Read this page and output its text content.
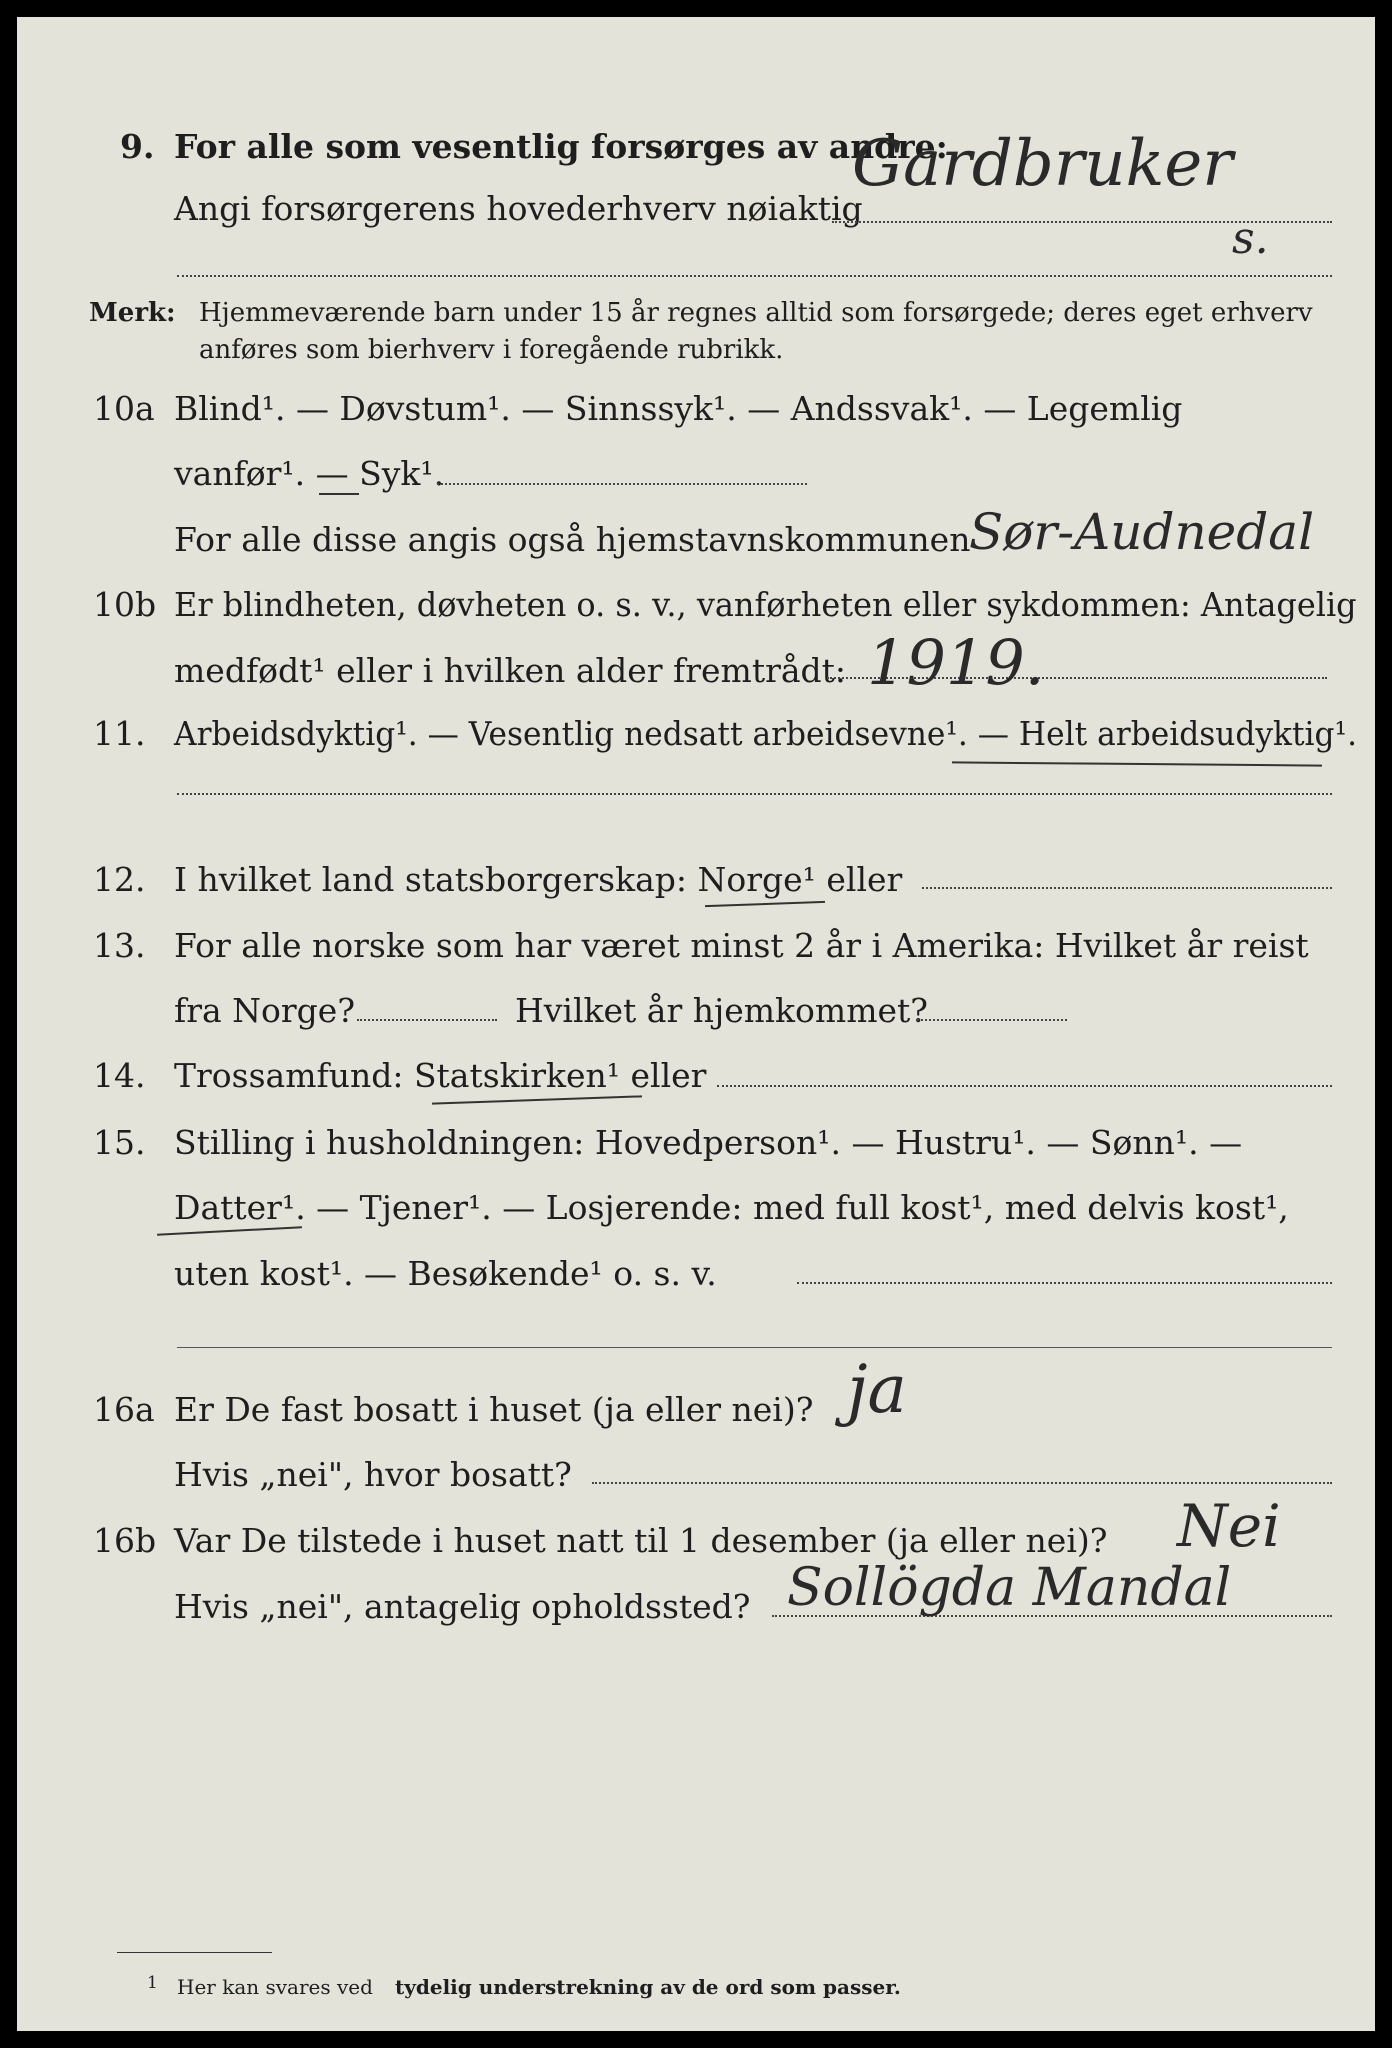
9. For alle som vesentlig forsørges av andre:
Angi forsørgerens hovederhverv nøiaktig
Gardbruker
s.
Merk: Hjemmeværende barn under 15 år regnes alltid som forsørgede; deres eget erhverv
anføres som bierhverv i foregående rubrikk.
10a Blind¹. — Døvstum¹. — Sinnssyk¹. — Andssvak¹. — Legemlig
vanfør¹. — Syk¹.
For alle disse angis også hjemstavnskommunen
Sør-Audnedal
10b Er blindheten, døvheten o. s. v., vanførheten eller sykdommen: Antagelig
medfødt¹ eller i hvilken alder fremtrådt: 1919.
11. Arbeidsdyktig¹. — Vesentlig nedsatt arbeidsevne¹. — Helt arbeidsudyktig¹.
12. I hvilket land statsborgerskap: Norge¹ eller
13. For alle norske som har været minst 2 år i Amerika: Hvilket år reist
fra Norge?	Hvilket år hjemkommet?
14. Trossamfund: Statskirken¹ eller
15. Stilling i husholdningen: Hovedperson¹. — Hustru¹. — Sønn¹. —
Datter¹. — Tjener¹. — Losjerende: med full kost¹, med delvis kost¹,
uten kost¹. — Besøkende¹ o. s. v.
16a Er De fast bosatt i huset (ja eller nei)? ja
Hvis „nei", hvor bosatt?
16b Var De tilstede i huset natt til 1 desember (ja eller nei)? Nei
Hvis „nei", antagelig opholdssted? Sollögda Mandal
1 Her kan svares ved tydelig understrekning av de ord som passer.
